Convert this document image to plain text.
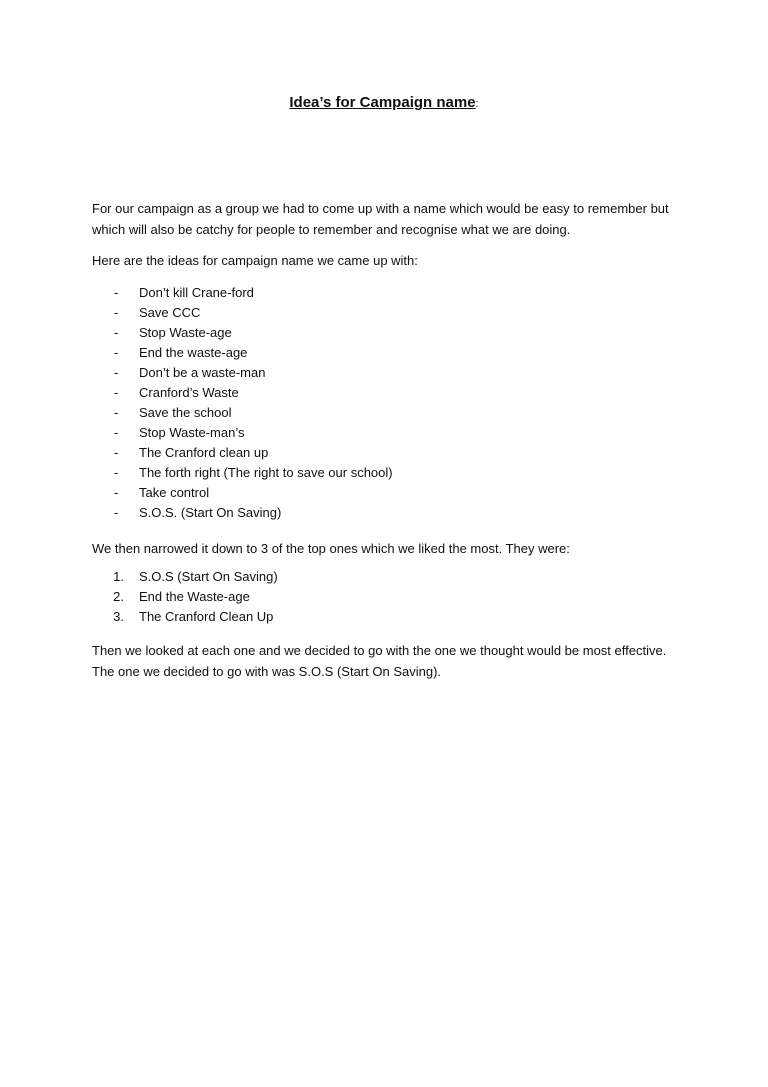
Idea’s for Campaign name:
For our campaign as a group we had to come up with a name which would be easy to remember but which will also be catchy for people to remember and recognise what we are doing.
Here are the ideas for campaign name we came up with:
-	Don’t kill Crane-ford
-	Save CCC
-	Stop Waste-age
-	End the waste-age
-	Don’t be a waste-man
-	Cranford’s Waste
-	Save the school
-	Stop Waste-man’s
-	The Cranford clean up
-	The forth right (The right to save our school)
-	Take control
-	S.O.S. (Start On Saving)
We then narrowed it down to 3 of the top ones which we liked the most. They were:
1. S.O.S (Start On Saving)
2. End the Waste-age
3. The Cranford Clean Up
Then we looked at each one and we decided to go with the one we thought would be most effective.
The one we decided to go with was S.O.S (Start On Saving).
